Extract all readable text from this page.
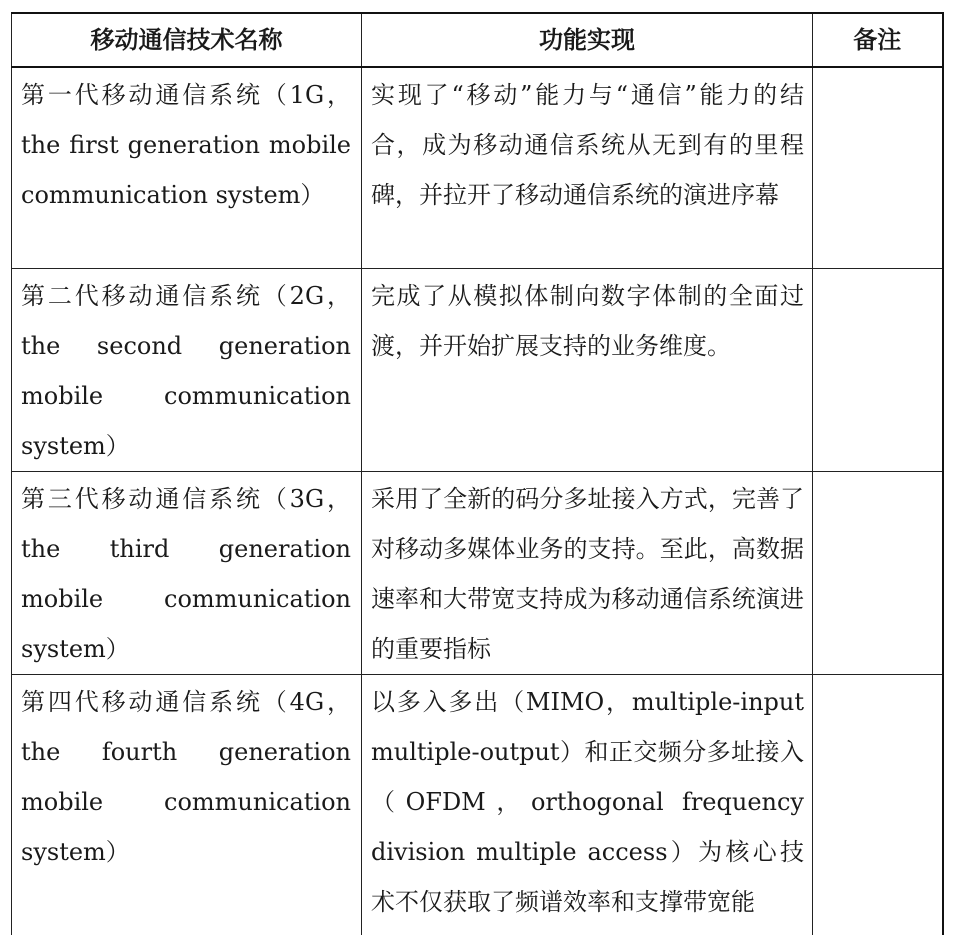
移动通信技术名称	功能实现	备注

第一代移动通信系统（1G，the first generation mobile communication system）	实现了“移动”能力与“通信”能力的结合，成为移动通信系统从无到有的里程碑，并拉开了移动通信系统的演进序幕	

第二代移动通信系统（2G，the second generation mobile communication system）	完成了从模拟体制向数字体制的全面过渡，并开始扩展支持的业务维度。	

第三代移动通信系统（3G，the third generation mobile communication system）	采用了全新的码分多址接入方式，完善了对移动多媒体业务的支持。至此，高数据速率和大带宽支持成为移动通信系统演进的重要指标	

第四代移动通信系统（4G，the fourth generation mobile communication system）	以多入多出（MIMO，multiple-input multiple-output）和正交频分多址接入（OFDM，orthogonal frequency division multiple access）为核心技术不仅获取了频谱效率和支撑带宽能	
